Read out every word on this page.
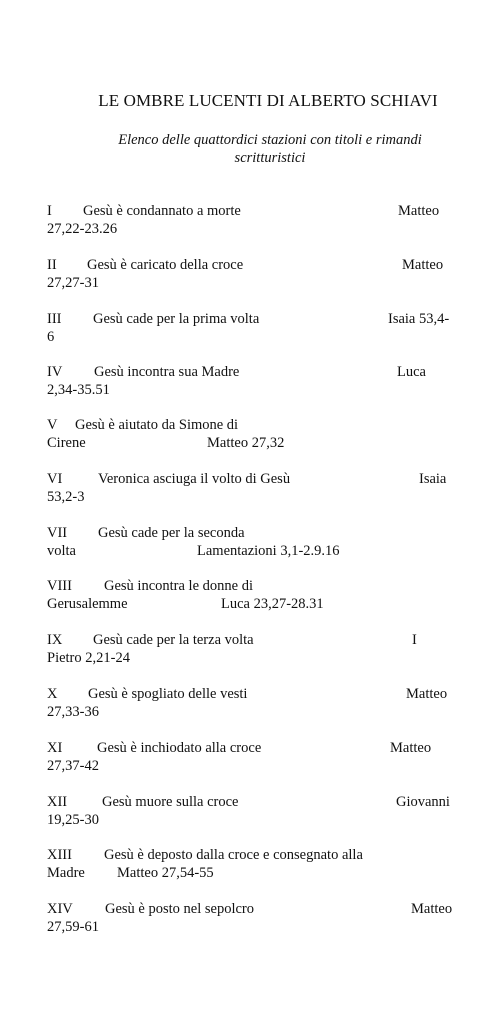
LE OMBRE LUCENTI DI ALBERTO SCHIAVI
Elenco delle quattordici stazioni con titoli e rimandi
scritturistici
I Gesù è condannato a morte	Matteo
27,22-23.26
II Gesù è caricato della croce	Matteo
27,27-31
III Gesù cade per la prima volta	Isaia 53,4-
6
IV Gesù incontra sua Madre	Luca
2,34-35.51
V Gesù è aiutato da Simone di
Cirene	Matteo 27,32
VI Veronica asciuga il volto di Gesù	Isaia
53,2-3
VII Gesù cade per la seconda
volta	Lamentazioni 3,1-2.9.16
VIII Gesù incontra le donne di
Gerusalemme	Luca 23,27-28.31
IX Gesù cade per la terza volta	I
Pietro 2,21-24
X Gesù è spogliato delle vesti	Matteo
27,33-36
XI Gesù è inchiodato alla croce	Matteo
27,37-42
XII Gesù muore sulla croce	Giovanni
19,25-30
XIII Gesù è deposto dalla croce e consegnato alla
Madre Matteo 27,54-55
XIV Gesù è posto nel sepolcro	Matteo
27,59-61
